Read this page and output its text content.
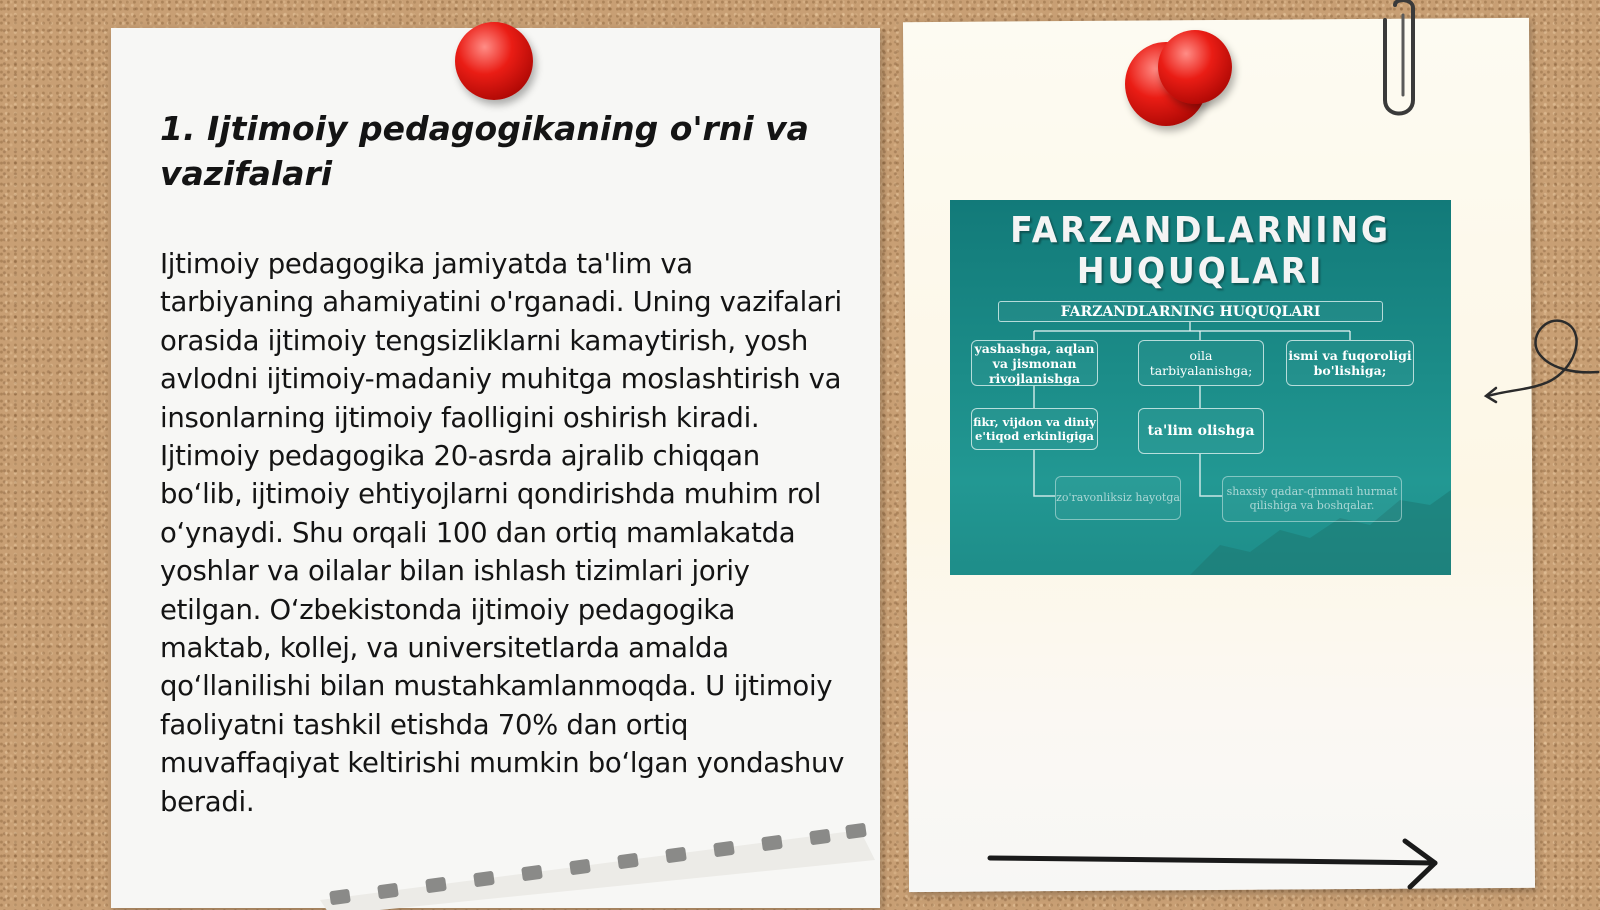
1. Ijtimoiy pedagogikaning o'rni va vazifalari

Ijtimoiy pedagogika jamiyatda ta'lim va tarbiyaning ahamiyatini o'rganadi. Uning vazifalari orasida ijtimoiy tengsizliklarni kamaytirish, yosh avlodni ijtimoiy-madaniy muhitga moslashtirish va insonlarning ijtimoiy faolligini oshirish kiradi. Ijtimoiy pedagogika 20-asrda ajralib chiqqan bo‘lib, ijtimoiy ehtiyojlarni qondirishda muhim rol o‘ynaydi. Shu orqali 100 dan ortiq mamlakatda yoshlar va oilalar bilan ishlash tizimlari joriy etilgan. O‘zbekistonda ijtimoiy pedagogika maktab, kollej, va universitetlarda amalda qo‘llanilishi bilan mustahkamlanmoqda. U ijtimoiy faoliyatni tashkil etishda 70% dan ortiq muvaffaqiyat keltirishi mumkin bo‘lgan yondashuv beradi.

FARZANDLARNING HUQUQLARI
FARZANDLARNING HUQUQLARI
yashashga, aqlan va jismonan rivojlanishga
oila tarbiyalanishga;
ismi va fuqoroligi bo'lishiga;
fikr, vijdon va diniy e'tiqod erkinligiga	ta'lim olishga
zo'ravonliksiz hayotga	shaxsiy qadar-qimmati hurmat qilishiga va boshqalar.
